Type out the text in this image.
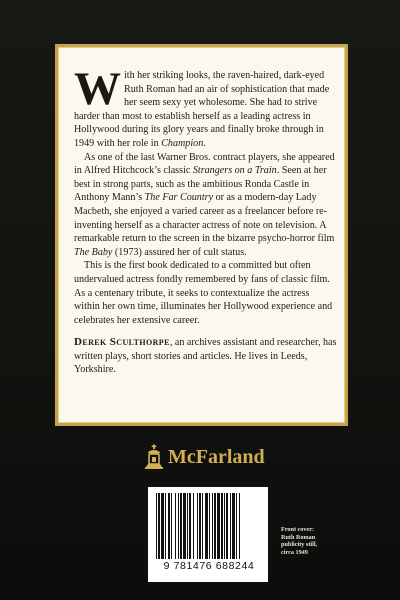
With her striking looks, the raven-haired, dark-eyed Ruth Roman had an air of sophistication that made her seem sexy yet wholesome. She had to strive harder than most to establish herself as a leading actress in Hollywood during its glory years and finally broke through in 1949 with her role in Champion.

As one of the last Warner Bros. contract players, she appeared in Alfred Hitchcock’s classic Strangers on a Train. Seen at her best in strong parts, such as the ambitious Ronda Castle in Anthony Mann’s The Far Country or as a modern-day Lady Macbeth, she enjoyed a varied career as a freelancer before re-inventing herself as a character actress of note on television. A remarkable return to the screen in the bizarre psycho-horror film The Baby (1973) assured her of cult status.

This is the first book dedicated to a committed but often undervalued actress fondly remembered by fans of classic film. As a centenary tribute, it seeks to contextualize the actress within her own time, illuminates her Hollywood experience and celebrates her extensive career.

Derek Sculthorpe, an archives assistant and researcher, has written plays, short stories and articles. He lives in Leeds, Yorkshire.

McFarland
9 781476 688244
Front cover:
Ruth Roman
publicity still,
circa 1949
